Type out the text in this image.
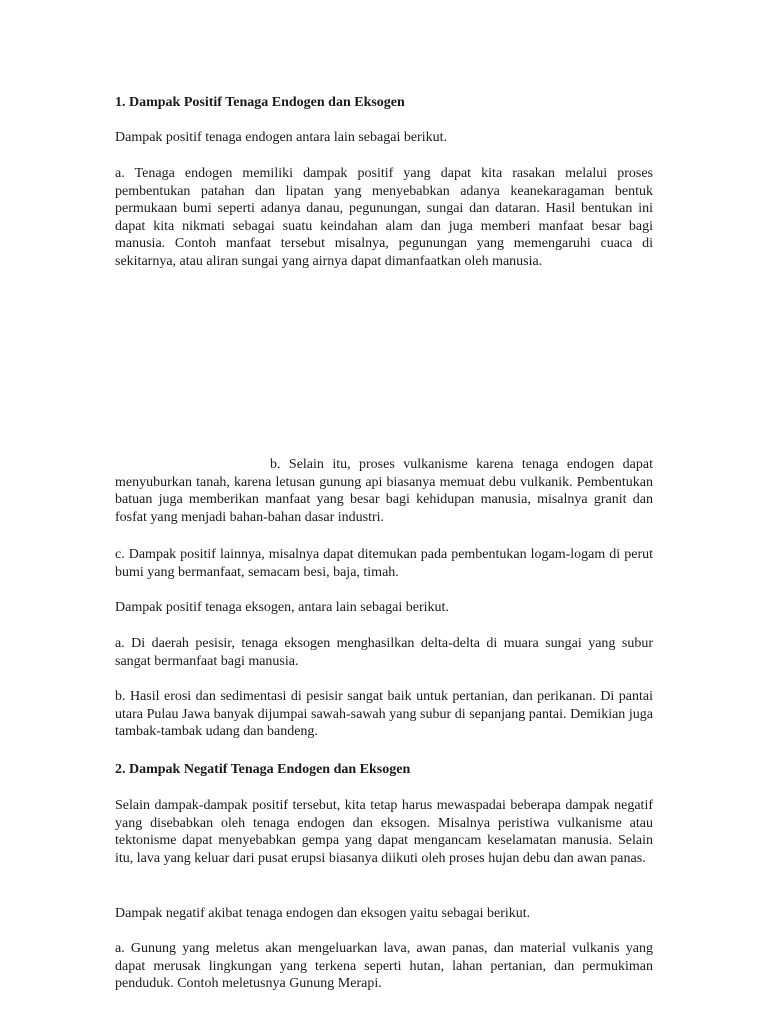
1. Dampak Positif Tenaga Endogen dan Eksogen

Dampak positif tenaga endogen antara lain sebagai berikut.

a. Tenaga endogen memiliki dampak positif yang dapat kita rasakan melalui proses pembentukan patahan dan lipatan yang menyebabkan adanya keanekaragaman bentuk permukaan bumi seperti adanya danau, pegunungan, sungai dan dataran. Hasil bentukan ini dapat kita nikmati sebagai suatu keindahan alam dan juga memberi manfaat besar bagi manusia. Contoh manfaat tersebut misalnya, pegunungan yang memengaruhi cuaca di sekitarnya, atau aliran sungai yang airnya dapat dimanfaatkan oleh manusia.

b. Selain itu, proses vulkanisme karena tenaga endogen dapat menyuburkan tanah, karena letusan gunung api biasanya memuat debu vulkanik. Pembentukan batuan juga memberikan manfaat yang besar bagi kehidupan manusia, misalnya granit dan fosfat yang menjadi bahan-bahan dasar industri.

c. Dampak positif lainnya, misalnya dapat ditemukan pada pembentukan logam-logam di perut bumi yang bermanfaat, semacam besi, baja, timah.

Dampak positif tenaga eksogen, antara lain sebagai berikut.

a. Di daerah pesisir, tenaga eksogen menghasilkan delta-delta di muara sungai yang subur sangat bermanfaat bagi manusia.

b. Hasil erosi dan sedimentasi di pesisir sangat baik untuk pertanian, dan perikanan. Di pantai utara Pulau Jawa banyak dijumpai sawah-sawah yang subur di sepanjang pantai. Demikian juga tambak-tambak udang dan bandeng.

2. Dampak Negatif Tenaga Endogen dan Eksogen

Selain dampak-dampak positif tersebut, kita tetap harus mewaspadai beberapa dampak negatif yang disebabkan oleh tenaga endogen dan eksogen. Misalnya peristiwa vulkanisme atau tektonisme dapat menyebabkan gempa yang dapat mengancam keselamatan manusia. Selain itu, lava yang keluar dari pusat erupsi biasanya diikuti oleh proses hujan debu dan awan panas.

Dampak negatif akibat tenaga endogen dan eksogen yaitu sebagai berikut.

a. Gunung yang meletus akan mengeluarkan lava, awan panas, dan material vulkanis yang dapat merusak lingkungan yang terkena seperti hutan, lahan pertanian, dan permukiman penduduk. Contoh meletusnya Gunung Merapi.
